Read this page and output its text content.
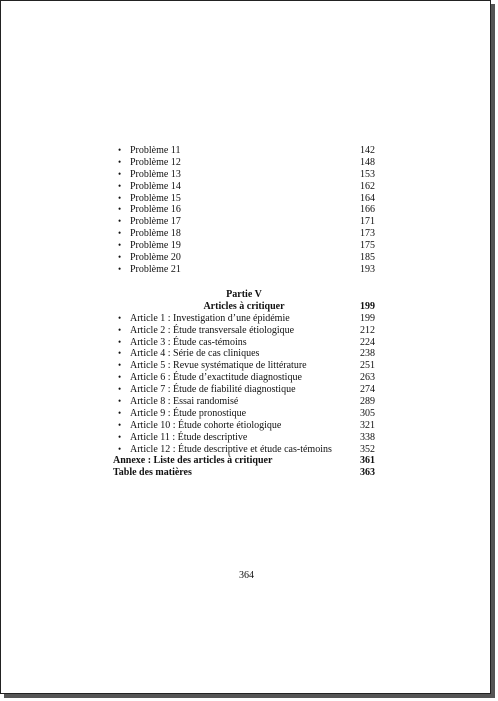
• Problème 11	142
• Problème 12	148
• Problème 13	153
• Problème 14	162
• Problème 15	164
• Problème 16	166
• Problème 17	171
• Problème 18	173
• Problème 19	175
• Problème 20	185
• Problème 21	193
Partie V
Articles à critiquer	199
• Article 1 : Investigation d’une épidémie	199
• Article 2 : Étude transversale étiologique	212
• Article 3 : Étude cas-témoins	224
• Article 4 : Série de cas cliniques	238
• Article 5 : Revue systématique de littérature	251
• Article 6 : Étude d’exactitude diagnostique	263
• Article 7 : Étude de fiabilité diagnostique	274
• Article 8 : Essai randomisé	289
• Article 9 : Étude pronostique	305
• Article 10 : Étude cohorte étiologique	321
• Article 11 : Étude descriptive	338
• Article 12 : Étude descriptive et étude cas-témoins	352
Annexe : Liste des articles à critiquer	361
Table des matières	363
364
